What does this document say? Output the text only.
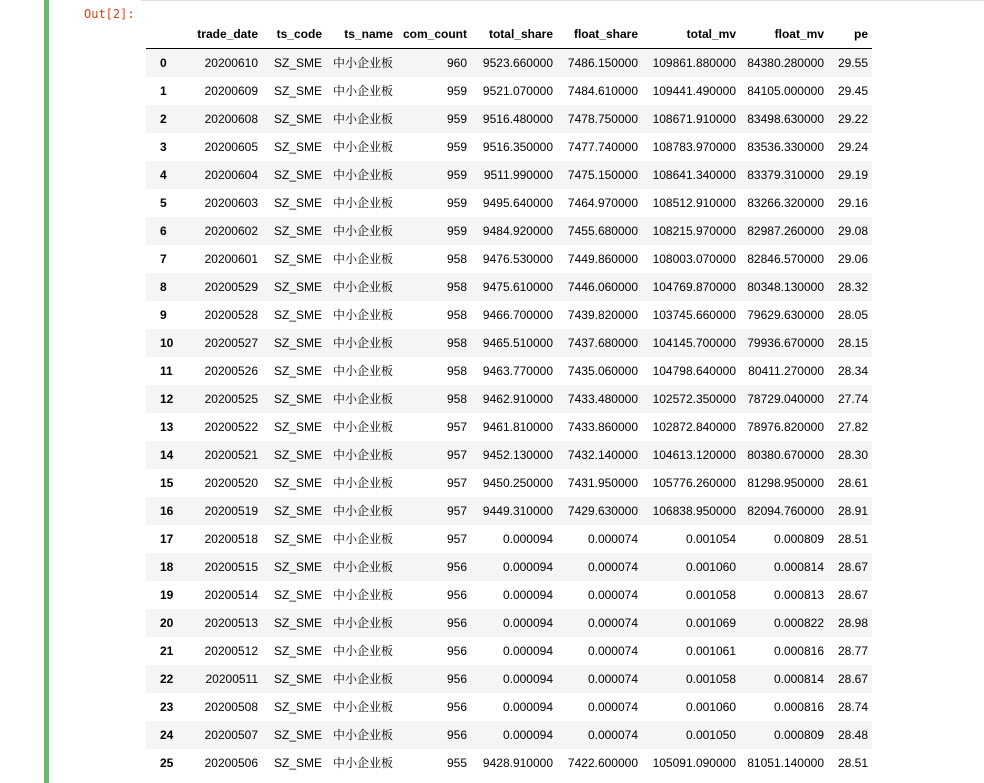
Out[2]:
	trade_date	ts_code	ts_name	com_count	total_share	float_share	total_mv	float_mv	pe
0	20200610	SZ_SME	中小企业板	960	9523.660000	7486.150000	109861.880000	84380.280000	29.55
1	20200609	SZ_SME	中小企业板	959	9521.070000	7484.610000	109441.490000	84105.000000	29.45
2	20200608	SZ_SME	中小企业板	959	9516.480000	7478.750000	108671.910000	83498.630000	29.22
3	20200605	SZ_SME	中小企业板	959	9516.350000	7477.740000	108783.970000	83536.330000	29.24
4	20200604	SZ_SME	中小企业板	959	9511.990000	7475.150000	108641.340000	83379.310000	29.19
5	20200603	SZ_SME	中小企业板	959	9495.640000	7464.970000	108512.910000	83266.320000	29.16
6	20200602	SZ_SME	中小企业板	959	9484.920000	7455.680000	108215.970000	82987.260000	29.08
7	20200601	SZ_SME	中小企业板	958	9476.530000	7449.860000	108003.070000	82846.570000	29.06
8	20200529	SZ_SME	中小企业板	958	9475.610000	7446.060000	104769.870000	80348.130000	28.32
9	20200528	SZ_SME	中小企业板	958	9466.700000	7439.820000	103745.660000	79629.630000	28.05
10	20200527	SZ_SME	中小企业板	958	9465.510000	7437.680000	104145.700000	79936.670000	28.15
11	20200526	SZ_SME	中小企业板	958	9463.770000	7435.060000	104798.640000	80411.270000	28.34
12	20200525	SZ_SME	中小企业板	958	9462.910000	7433.480000	102572.350000	78729.040000	27.74
13	20200522	SZ_SME	中小企业板	957	9461.810000	7433.860000	102872.840000	78976.820000	27.82
14	20200521	SZ_SME	中小企业板	957	9452.130000	7432.140000	104613.120000	80380.670000	28.30
15	20200520	SZ_SME	中小企业板	957	9450.250000	7431.950000	105776.260000	81298.950000	28.61
16	20200519	SZ_SME	中小企业板	957	9449.310000	7429.630000	106838.950000	82094.760000	28.91
17	20200518	SZ_SME	中小企业板	957	0.000094	0.000074	0.001054	0.000809	28.51
18	20200515	SZ_SME	中小企业板	956	0.000094	0.000074	0.001060	0.000814	28.67
19	20200514	SZ_SME	中小企业板	956	0.000094	0.000074	0.001058	0.000813	28.67
20	20200513	SZ_SME	中小企业板	956	0.000094	0.000074	0.001069	0.000822	28.98
21	20200512	SZ_SME	中小企业板	956	0.000094	0.000074	0.001061	0.000816	28.77
22	20200511	SZ_SME	中小企业板	956	0.000094	0.000074	0.001058	0.000814	28.67
23	20200508	SZ_SME	中小企业板	956	0.000094	0.000074	0.001060	0.000816	28.74
24	20200507	SZ_SME	中小企业板	956	0.000094	0.000074	0.001050	0.000809	28.48
25	20200506	SZ_SME	中小企业板	955	9428.910000	7422.600000	105091.090000	81051.140000	28.51
